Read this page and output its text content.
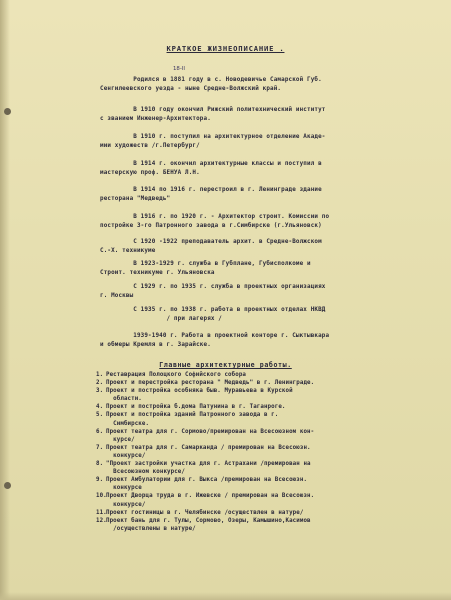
КРАТКОЕ ЖИЗНЕОПИСАНИЕ .
18-II
Родился в 1881 году в с. Новодевичье Самарской Губ.
Сенгилеевского уезда - ныне Средне-Волжский край.
В 1910 году окончил Рижский политехнический институт
с званием Инженер-Архитектора.
В 1910 г. поступил на архитектурное отделение Акаде-
мии художеств /г.Петербург/
В 1914 г. окончил архитектурные классы и поступил в
мастерскую проф. БЕНУА Л.Н.
В 1914 по 1916 г. перестроил в г. Ленинграде здание
ресторана "Медведь"
В 1916 г. по 1920 г. - Архитектор строит. Комиссии по
постройке 3-го Патронного завода в г.Симбирске (г.Ульяновск)
С 1920 -1922 преподаватель архит. в Средне-Волжском
С.-Х. техникуме
В 1923-1929 г. служба в Губплане, Губисполкоме и
Строит. техникуме г. Ульяновска
С 1929 г. по 1935 г. служба в проектных организациях
г. Москвы
С 1935 г. по 1938 г. работа в проектных отделах НКВД
/ при лагерях /
1939-1940 г. Работа в проектной конторе г. Сыктывкара
и обмеры Кремля в г. Зарайске.
Главные архитектурные работы.
1. Реставрация Полоцкого Софийского собора
2. Проект и перестройка ресторана " Медведь" в г. Ленинграде.
3. Проект и постройка особняка быв. Муравьева в Курской
области.
4. Проект и постройка б.дома Патунина в г. Таганроге.
5. Проект и постройка зданий Патронного завода в г.
Симбирске.
6. Проект театра для г. Сормово/премирован на Всесоюзном кон-
курсе/
7. Проект театра для г. Самарканда / премирован на Всесоюзн.
конкурсе/
8. "Проект застройки участка для г. Астрахани /премирован на
Всесоюзном конкурсе/
9. Проект Амбулатории для г. Выкса /премирован на Всесоюзн.
конкурсе
10. Проект Дворца труда в г. Ижевске / премирован на Всесоюзн.
конкурсе/
11. Проект гостиницы в г. Челябинске /осуществлен в натуре/
12. Проект бань для г. Тулы, Сормово, Озеры, Камышино,Касимов
/осуществлены в натуре/
